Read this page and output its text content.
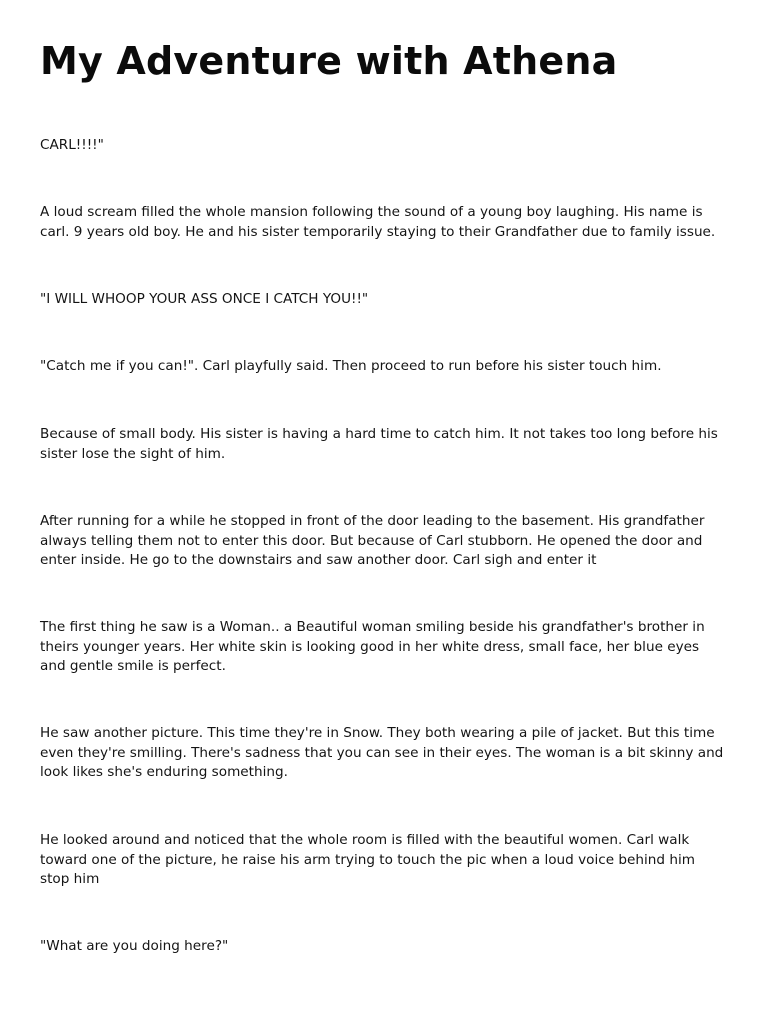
My Adventure with Athena

CARL!!!!"

A loud scream filled the whole mansion following the sound of a young boy laughing. His name is carl. 9 years old boy. He and his sister temporarily staying to their Grandfather due to family issue.

"I WILL WHOOP YOUR ASS ONCE I CATCH YOU!!"

"Catch me if you can!". Carl playfully said. Then proceed to run before his sister touch him.

Because of small body. His sister is having a hard time to catch him. It not takes too long before his sister lose the sight of him.

After running for a while he stopped in front of the door leading to the basement. His grandfather always telling them not to enter this door. But because of Carl stubborn. He opened the door and enter inside. He go to the downstairs and saw another door. Carl sigh and enter it

The first thing he saw is a Woman.. a Beautiful woman smiling beside his grandfather's brother in theirs younger years. Her white skin is looking good in her white dress, small face, her blue eyes and gentle smile is perfect.

He saw another picture. This time they're in Snow. They both wearing a pile of jacket. But this time even they're smilling. There's sadness that you can see in their eyes. The woman is a bit skinny and look likes she's enduring something.

He looked around and noticed that the whole room is filled with the beautiful women. Carl walk toward one of the picture, he raise his arm trying to touch the pic when a loud voice behind him stop him

"What are you doing here?"
